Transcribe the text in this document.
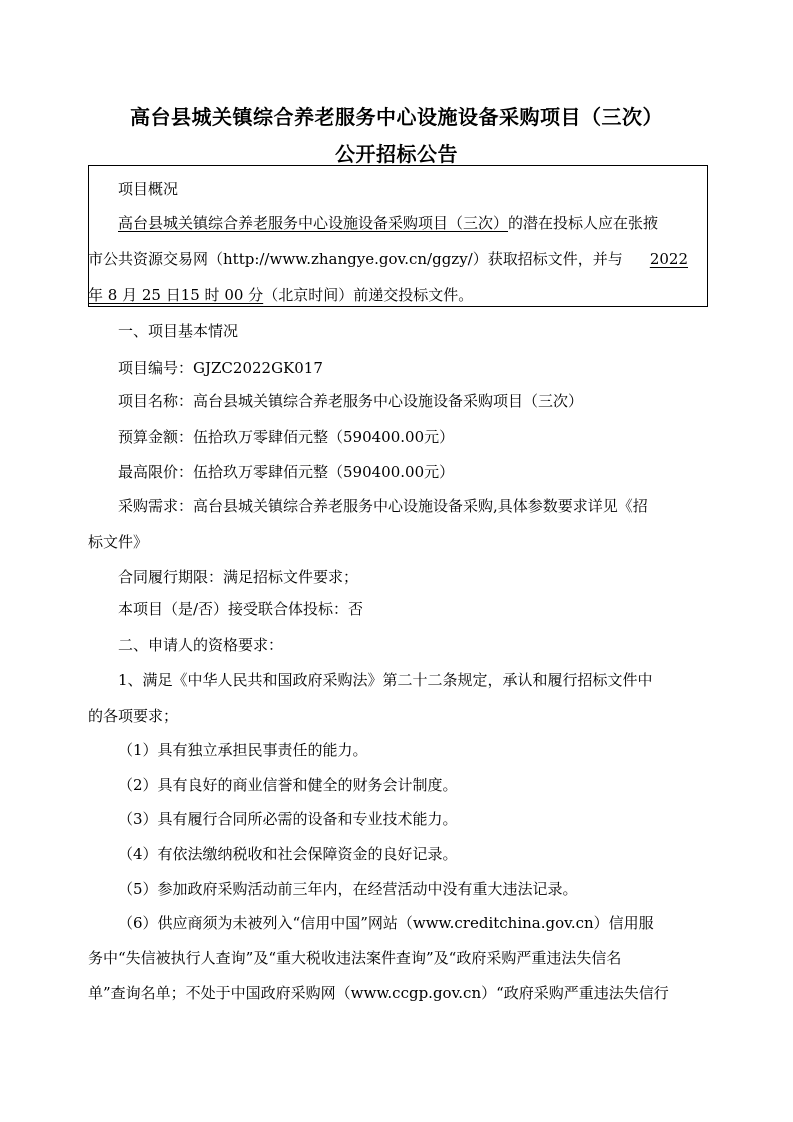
高台县城关镇综合养老服务中心设施设备采购项目（三次）
公开招标公告
项目概况
高台县城关镇综合养老服务中心设施设备采购项目（三次）的潜在投标人应在张掖
市公共资源交易网（http://www.zhangye.gov.cn/ggzy/）获取招标文件，并与 2022
年 8 月 25 日15 时 00 分（北京时间）前递交投标文件。
一、项目基本情况
项目编号：GJZC2022GK017
项目名称：高台县城关镇综合养老服务中心设施设备采购项目（三次）
预算金额：伍拾玖万零肆佰元整（590400.00元）
最高限价：伍拾玖万零肆佰元整（590400.00元）
采购需求：高台县城关镇综合养老服务中心设施设备采购,具体参数要求详见《招
标文件》
合同履行期限：满足招标文件要求；
本项目（是/否）接受联合体投标：否
二、申请人的资格要求：
1、满足《中华人民共和国政府采购法》第二十二条规定，承认和履行招标文件中
的各项要求；
（1）具有独立承担民事责任的能力。
（2）具有良好的商业信誉和健全的财务会计制度。
（3）具有履行合同所必需的设备和专业技术能力。
（4）有依法缴纳税收和社会保障资金的良好记录。
（5）参加政府采购活动前三年内，在经营活动中没有重大违法记录。
（6）供应商须为未被列入“信用中国”网站（www.creditchina.gov.cn）信用服
务中“失信被执行人查询”及“重大税收违法案件查询”及“政府采购严重违法失信名
单”查询名单；不处于中国政府采购网（www.ccgp.gov.cn）“政府采购严重违法失信行
